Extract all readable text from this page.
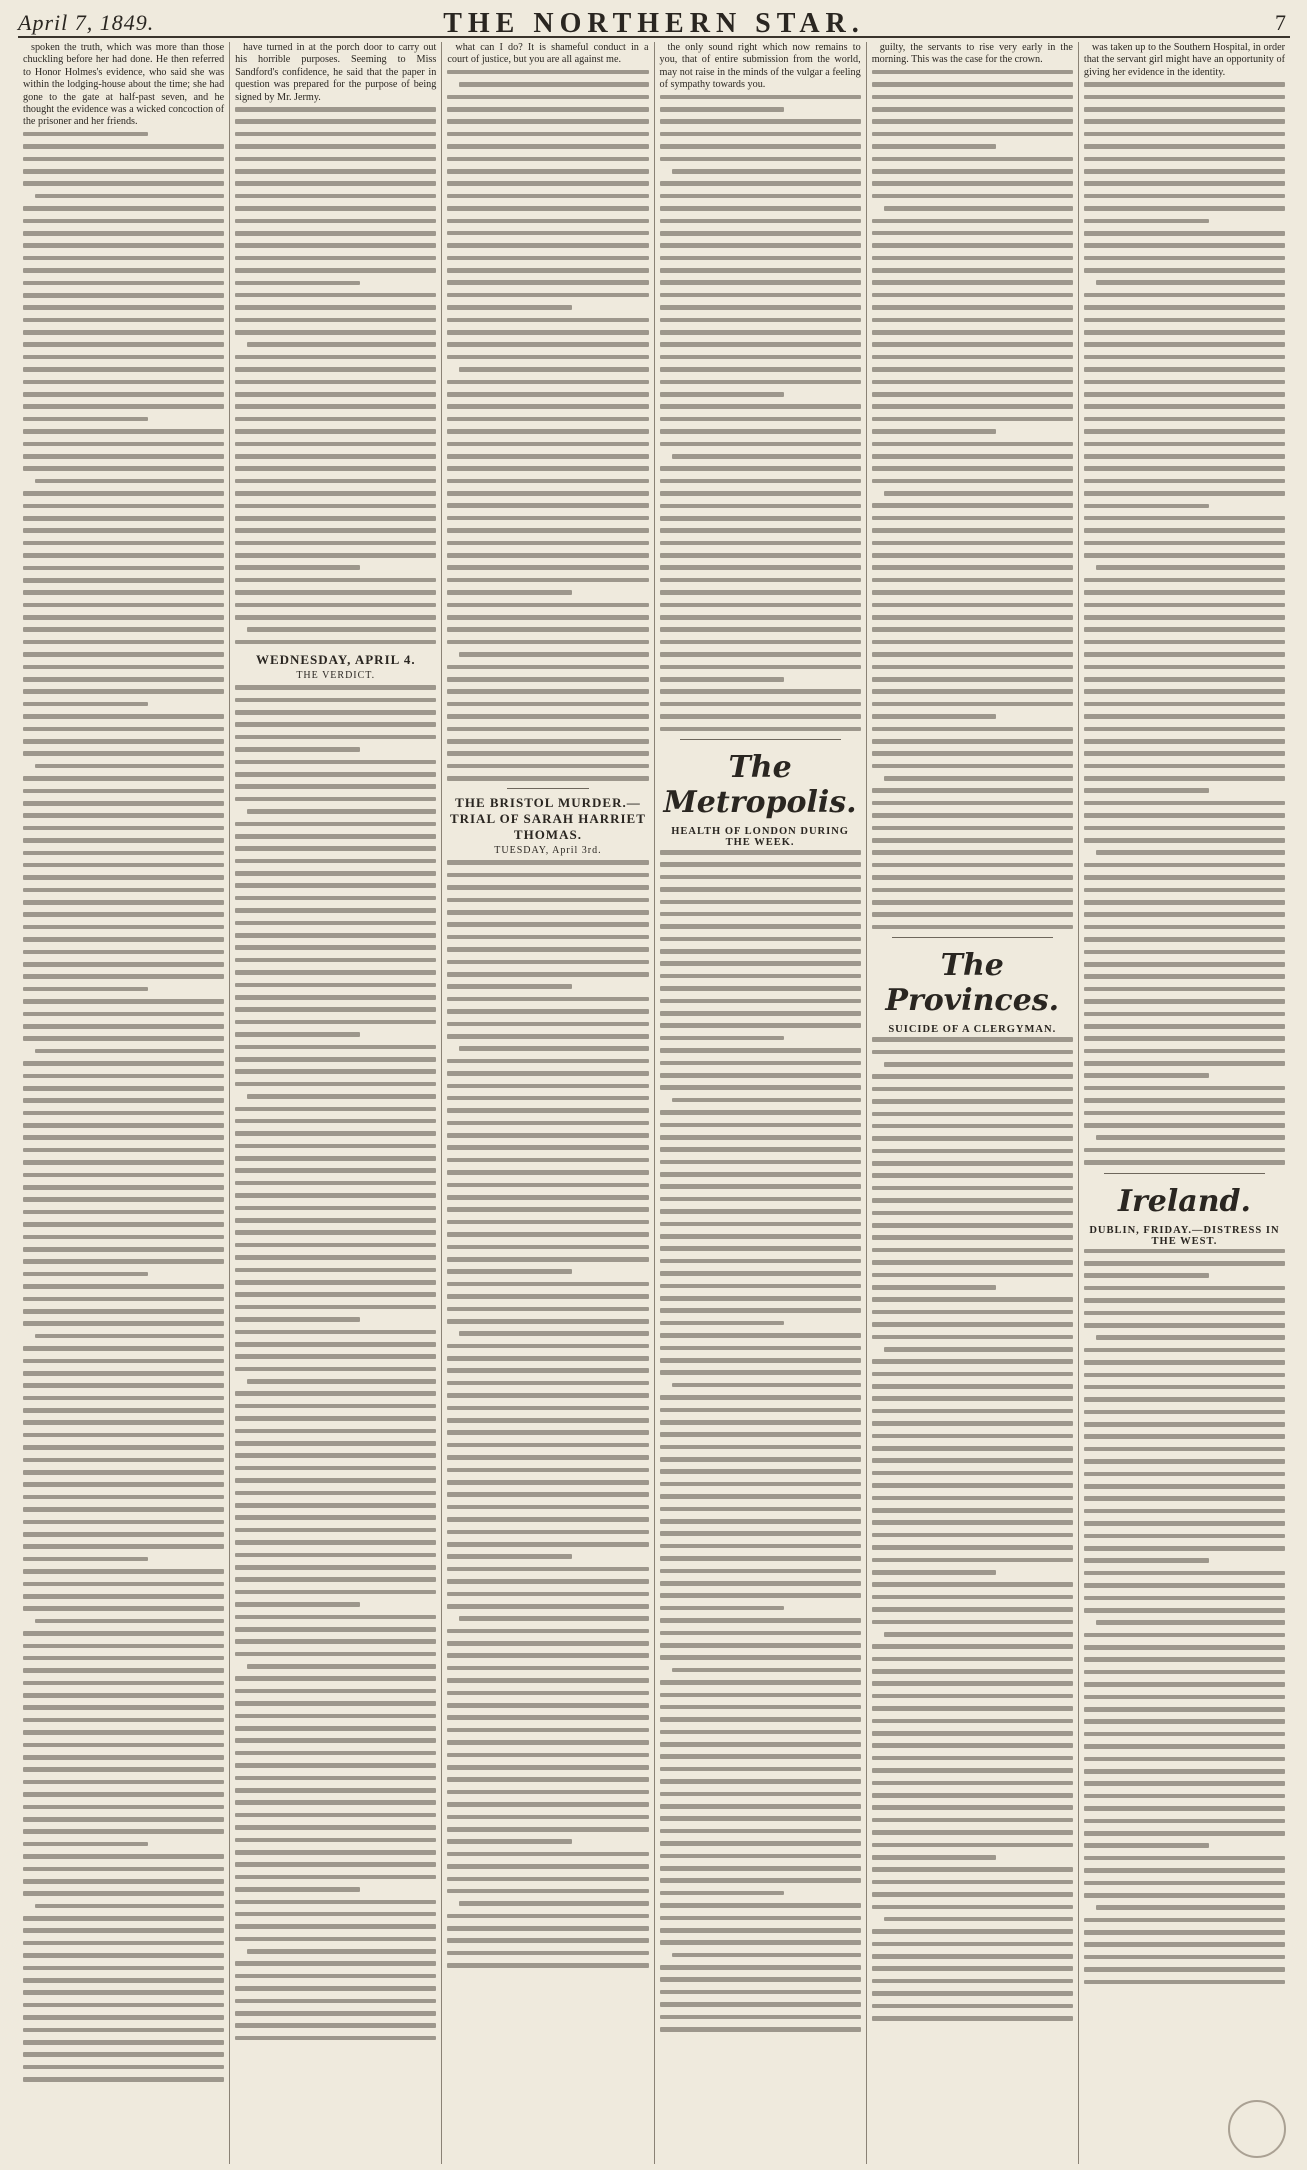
April 7, 1849.	THE NORTHERN STAR.	7

spoken the truth, which was more than those chuckling before her had done. He then referred to Honor Holmes's evidence, who said she was within the lodging-house about the time; she had gone to the gate at half-past seven, and he thought the evidence was a wicked concoction of the prisoner and her friends.

have turned in at the porch door to carry out his horrible purposes. Seeming to Miss Sandford's confidence, he said that the paper in question was prepared for the purpose of being signed by Mr. Jermy.

WEDNESDAY, APRIL 4.
THE VERDICT.

what can I do? It is shameful conduct in a court of justice, but you are all against me.

THE BRISTOL MURDER.—TRIAL OF SARAH HARRIET THOMAS.
TUESDAY, April 3rd.

the only sound right which now remains to you, that of entire submission from the world, may not raise in the minds of the vulgar a feeling of sympathy towards you.

The Metropolis.
HEALTH OF LONDON DURING THE WEEK.

guilty, the servants to rise very early in the morning. This was the case for the crown.

The Provinces.
SUICIDE OF A CLERGYMAN.

was taken up to the Southern Hospital, in order that the servant girl might have an opportunity of giving her evidence in the identity.

Ireland.
DUBLIN, FRIDAY.—DISTRESS IN THE WEST.
